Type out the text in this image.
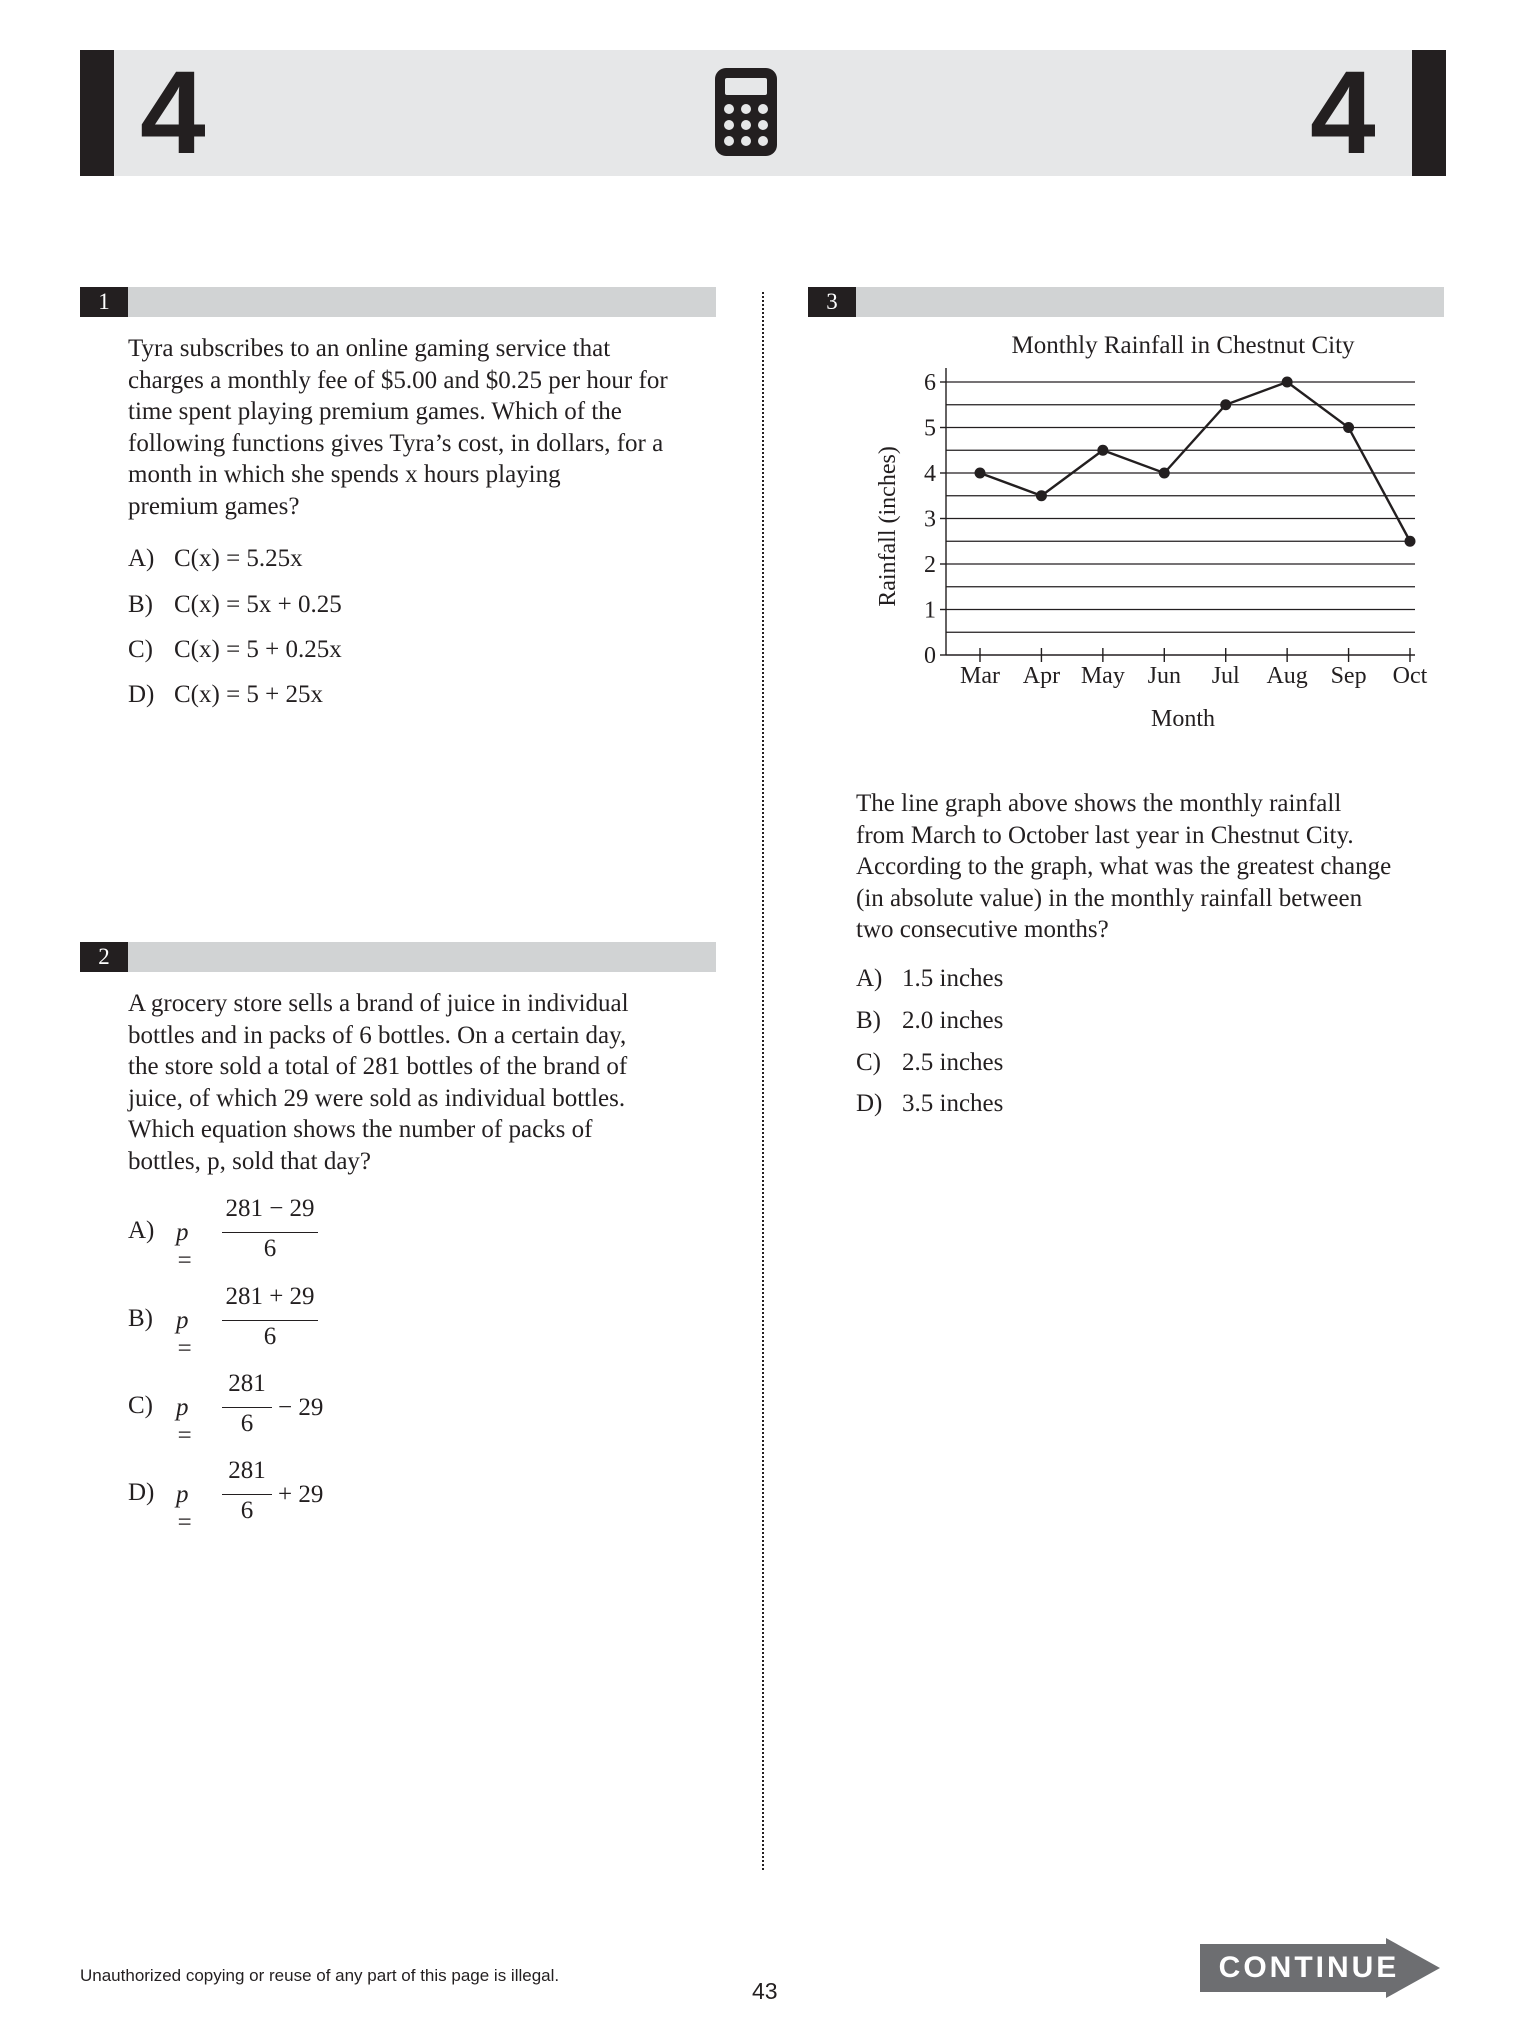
4	4
1
Tyra subscribes to an online gaming service that
charges a monthly fee of $5.00 and $0.25 per hour for
time spent playing premium games. Which of the
following functions gives Tyra’s cost, in dollars, for a
month in which she spends x hours playing
premium games?
A) C(x) = 5.25x
B) C(x) = 5x + 0.25
C) C(x) = 5 + 0.25x
D) C(x) = 5 + 25x
2
A grocery store sells a brand of juice in individual
bottles and in packs of 6 bottles. On a certain day,
the store sold a total of 281 bottles of the brand of
juice, of which 29 were sold as individual bottles.
Which equation shows the number of packs of
bottles, p, sold that day?
A) p =
281 − 29
6
B) p =
281 + 29
6
C) p =
281
6
− 29
D) p =
281
6
+ 29
3
Monthly Rainfall in Chestnut City
0
1
2
3
4
5
6
Mar Apr May Jun Jul Aug Sep Oct
Month
Rainfall (inches)
The line graph above shows the monthly rainfall
from March to October last year in Chestnut City.
According to the graph, what was the greatest change
(in absolute value) in the monthly rainfall between
two consecutive months?
A) 1.5 inches
B) 2.0 inches
C) 2.5 inches
D) 3.5 inches
Unauthorized copying or reuse of any part of this page is illegal.
43
CONTINUE
